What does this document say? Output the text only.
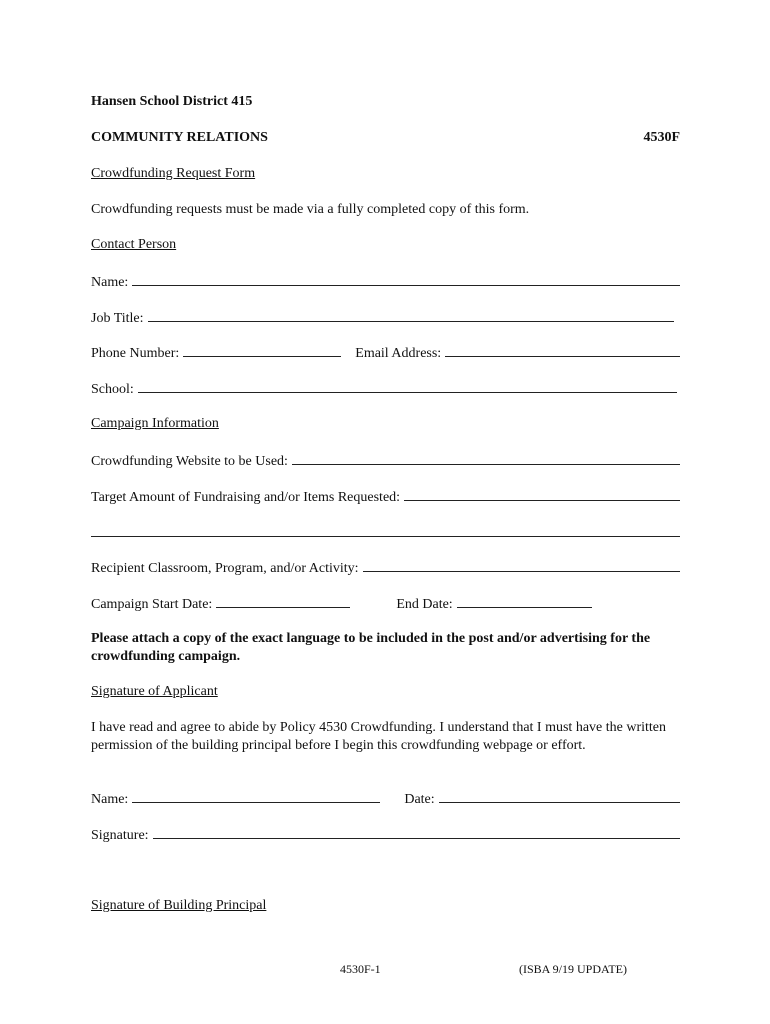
Hansen School District 415
COMMUNITY RELATIONS	4530F
Crowdfunding Request Form
Crowdfunding requests must be made via a fully completed copy of this form.
Contact Person
Name:
Job Title:
Phone Number:	Email Address:
School:
Campaign Information
Crowdfunding Website to be Used:
Target Amount of Fundraising and/or Items Requested:
Recipient Classroom, Program, and/or Activity:
Campaign Start Date:	End Date:
Please attach a copy of the exact language to be included in the post and/or advertising for the crowdfunding campaign.
Signature of Applicant
I have read and agree to abide by Policy 4530 Crowdfunding. I understand that I must have the written permission of the building principal before I begin this crowdfunding webpage or effort.
Name:	Date:
Signature:
Signature of Building Principal
4530F-1	(ISBA 9/19 UPDATE)
